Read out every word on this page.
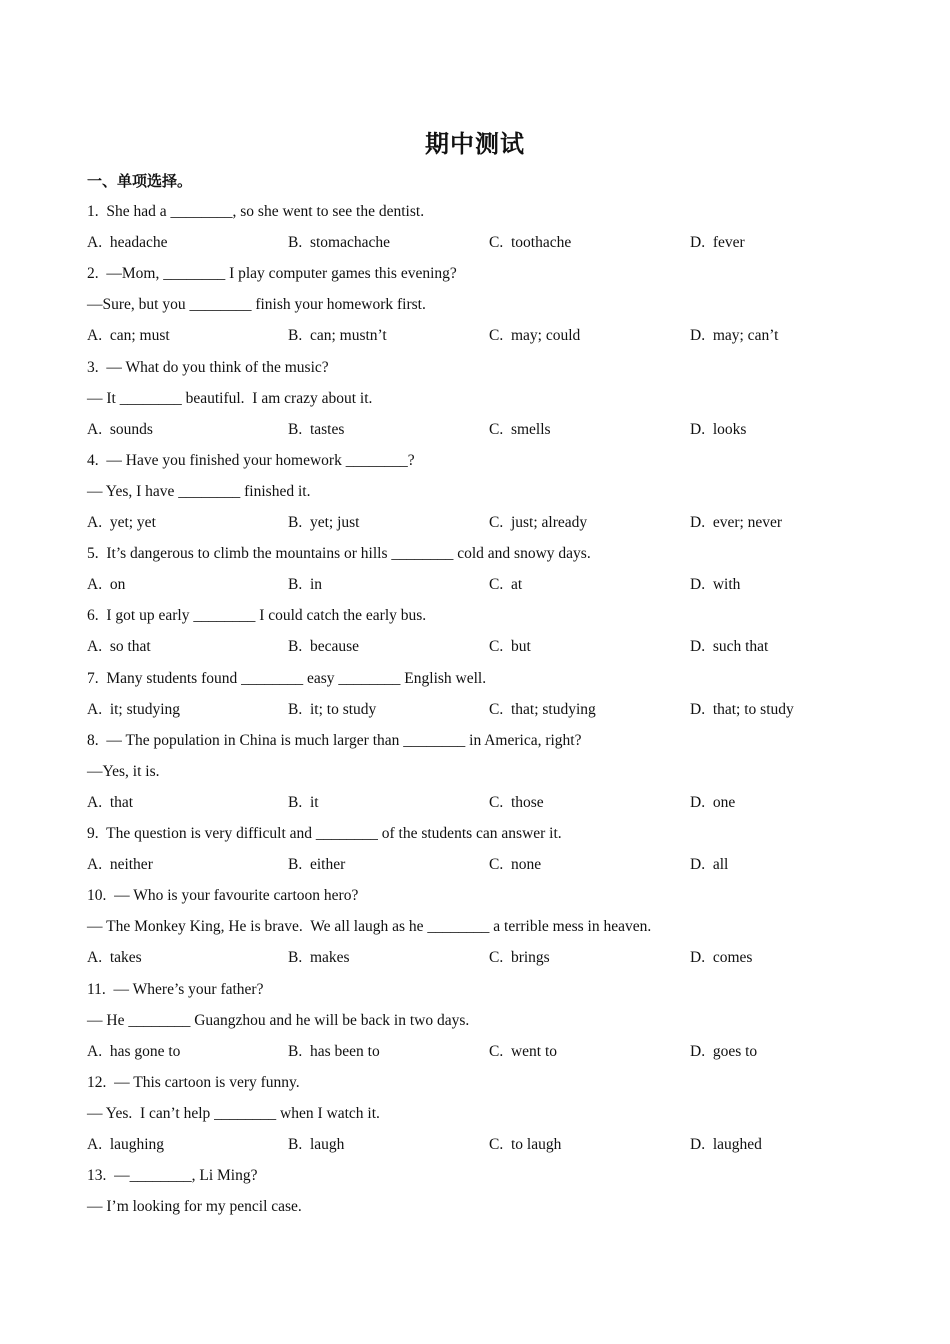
期中测试
一、单项选择。
1.  She had a ________, so she went to see the dentist.
A.  headache	B.  stomachache	C.  toothache	D.  fever
2.  —Mom, ________ I play computer games this evening?
—Sure, but you ________ finish your homework first.
A.  can; must	B.  can; mustn’t	C.  may; could	D.  may; can’t
3.  — What do you think of the music?
— It ________ beautiful.  I am crazy about it.
A.  sounds	B.  tastes	C.  smells	D.  looks
4.  — Have you finished your homework ________?
— Yes, I have ________ finished it.
A.  yet; yet	B.  yet; just	C.  just; already	D.  ever; never
5.  It’s dangerous to climb the mountains or hills ________ cold and snowy days.
A.  on	B.  in	C.  at	D.  with
6.  I got up early ________ I could catch the early bus.
A.  so that	B.  because	C.  but	D.  such that
7.  Many students found ________ easy ________ English well.
A.  it; studying	B.  it; to study	C.  that; studying	D.  that; to study
8.  — The population in China is much larger than ________ in America, right?
—Yes, it is.
A.  that	B.  it	C.  those	D.  one
9.  The question is very difficult and ________ of the students can answer it.
A.  neither	B.  either	C.  none	D.  all
10.  — Who is your favourite cartoon hero?
— The Monkey King, He is brave.  We all laugh as he ________ a terrible mess in heaven.
A.  takes	B.  makes	C.  brings	D.  comes
11.  — Where’s your father?
— He ________ Guangzhou and he will be back in two days.
A.  has gone to	B.  has been to	C.  went to	D.  goes to
12.  — This cartoon is very funny.
— Yes.  I can’t help ________ when I watch it.
A.  laughing	B.  laugh	C.  to laugh	D.  laughed
13.  —________, Li Ming?
— I’m looking for my pencil case.
